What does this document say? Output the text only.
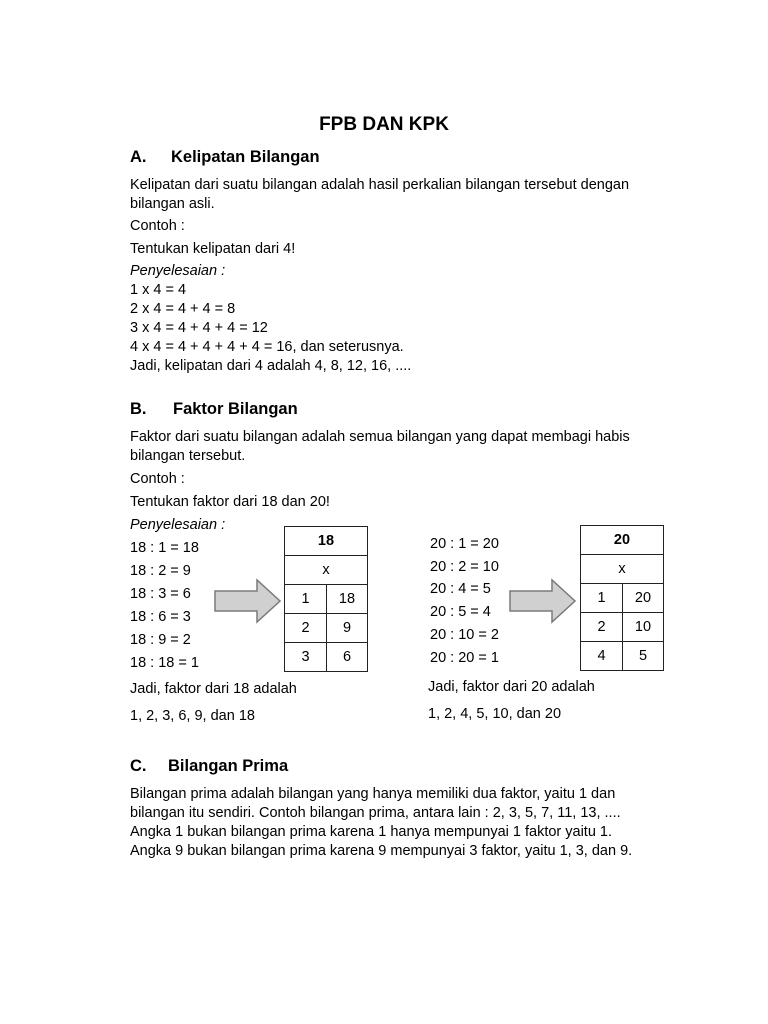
FPB DAN KPK
A. Kelipatan Bilangan
Kelipatan dari suatu bilangan adalah hasil perkalian bilangan tersebut dengan
bilangan asli.
Contoh :
Tentukan kelipatan dari 4!
Penyelesaian :
1 x 4 = 4
2 x 4 = 4 + 4 = 8
3 x 4 = 4 + 4 + 4 = 12
4 x 4 = 4 + 4 + 4 + 4 = 16, dan seterusnya.
Jadi, kelipatan dari 4 adalah 4, 8, 12, 16, ....
B. Faktor Bilangan
Faktor dari suatu bilangan adalah semua bilangan yang dapat membagi habis
bilangan tersebut.
Contoh :
Tentukan faktor dari 18 dan 20!
Penyelesaian :
18 : 1 = 18
18 : 2 = 9
18 : 3 = 6
18 : 6 = 3
18 : 9 = 2
18 : 18 = 1
18	
x	
1	18
2	9
3	6
Jadi, faktor dari 18 adalah
1, 2, 3, 6, 9, dan 18
20 : 1 = 20
20 : 2 = 10
20 : 4 = 5
20 : 5 = 4
20 : 10 = 2
20 : 20 = 1
20	
x	
1	20
2	10
4	5
Jadi, faktor dari 20 adalah
1, 2, 4, 5, 10, dan 20
C. Bilangan Prima
Bilangan prima adalah bilangan yang hanya memiliki dua faktor, yaitu 1 dan
bilangan itu sendiri. Contoh bilangan prima, antara lain : 2, 3, 5, 7, 11, 13, ....
Angka 1 bukan bilangan prima karena 1 hanya mempunyai 1 faktor yaitu 1.
Angka 9 bukan bilangan prima karena 9 mempunyai 3 faktor, yaitu 1, 3, dan 9.
